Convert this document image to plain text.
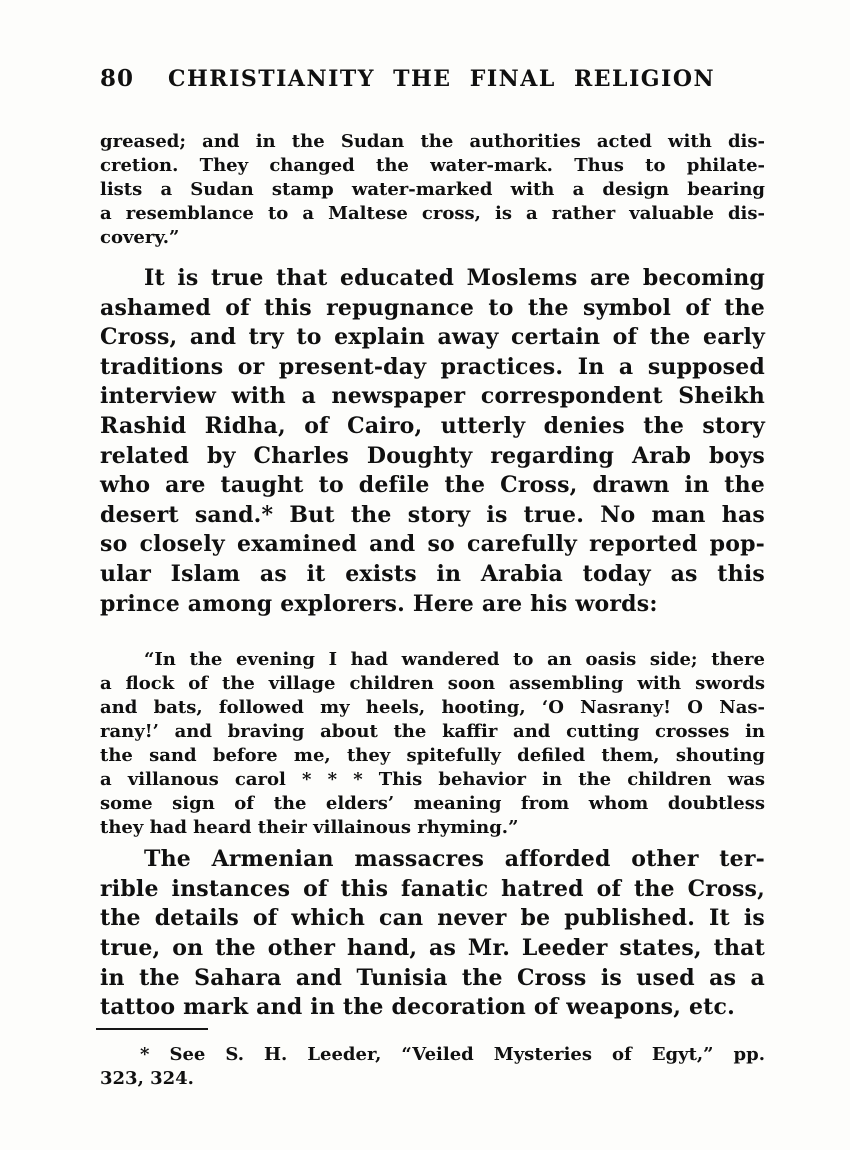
80 CHRISTIANITY THE FINAL RELIGION
greased; and in the Sudan the authorities acted with dis-
cretion. They changed the water-mark. Thus to philate-
lists a Sudan stamp water-marked with a design bearing
a resemblance to a Maltese cross, is a rather valuable dis-
covery.”
It is true that educated Moslems are becoming
ashamed of this repugnance to the symbol of the
Cross, and try to explain away certain of the early
traditions or present-day practices. In a supposed
interview with a newspaper correspondent Sheikh
Rashid Ridha, of Cairo, utterly denies the story
related by Charles Doughty regarding Arab boys
who are taught to defile the Cross, drawn in the
desert sand.* But the story is true. No man has
so closely examined and so carefully reported pop-
ular Islam as it exists in Arabia today as this
prince among explorers. Here are his words:
“In the evening I had wandered to an oasis side; there
a flock of the village children soon assembling with swords
and bats, followed my heels, hooting, ‘O Nasrany! O Nas-
rany!’ and braving about the kaffir and cutting crosses in
the sand before me, they spitefully defiled them, shouting
a villanous carol * * * This behavior in the children was
some sign of the elders’ meaning from whom doubtless
they had heard their villainous rhyming.”
The Armenian massacres afforded other ter-
rible instances of this fanatic hatred of the Cross,
the details of which can never be published. It is
true, on the other hand, as Mr. Leeder states, that
in the Sahara and Tunisia the Cross is used as a
tattoo mark and in the decoration of weapons, etc.
* See S. H. Leeder, “Veiled Mysteries of Egyt,” pp.
323, 324.
